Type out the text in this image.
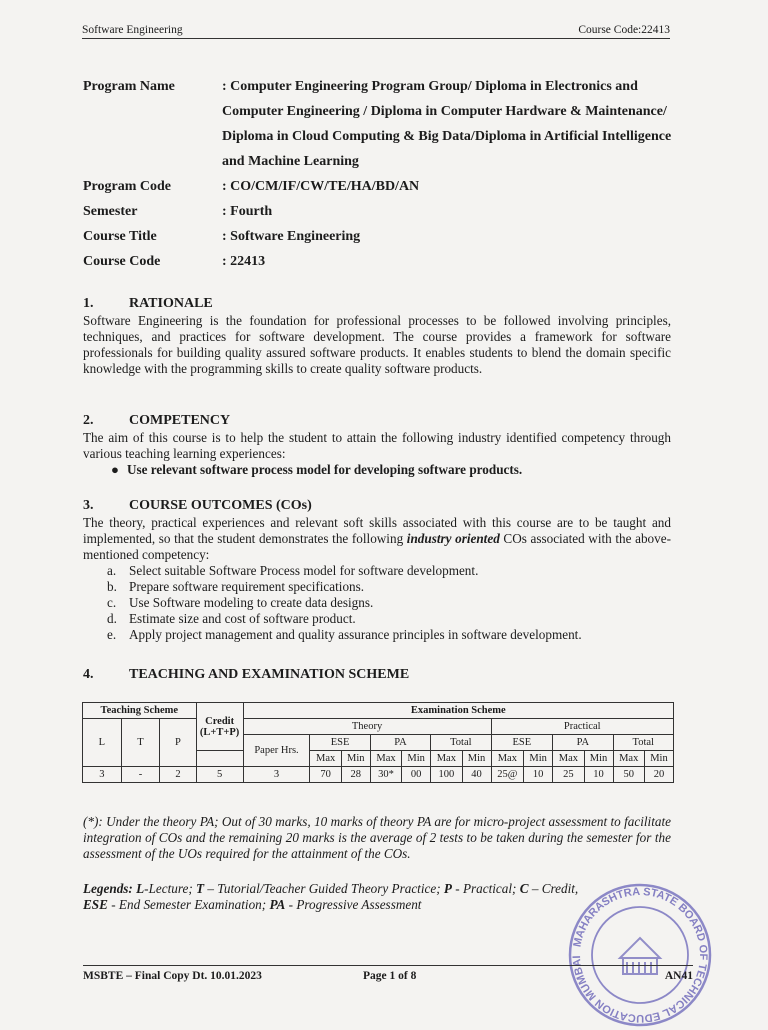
Software Engineering	Course Code:22413
Program Name	: Computer Engineering Program Group/ Diploma in Electronics and Computer Engineering / Diploma in Computer Hardware & Maintenance/ Diploma in Cloud Computing & Big Data/Diploma in Artificial Intelligence and Machine Learning
Program Code	: CO/CM/IF/CW/TE/HA/BD/AN
Semester	: Fourth
Course Title	: Software Engineering
Course Code	: 22413
1.	RATIONALE

Software Engineering is the foundation for professional processes to be followed involving principles, techniques, and practices for software development. The course provides a framework for software professionals for building quality assured software products. It enables students to blend the domain specific knowledge with the programming skills to create quality software products.

2.	COMPETENCY

The aim of this course is to help the student to attain the following industry identified competency through various teaching learning experiences:

● Use relevant software process model for developing software products.
3.	COURSE OUTCOMES (COs)

The theory, practical experiences and relevant soft skills associated with this course are to be taught and implemented, so that the student demonstrates the following industry oriented COs associated with the above-mentioned competency:

a. Select suitable Software Process model for software development.
b. Prepare software requirement specifications.
c. Use Software modeling to create data designs.
d. Estimate size and cost of software product.
e. Apply project management and quality assurance principles in software development.
4.	TEACHING AND EXAMINATION SCHEME
Teaching Scheme			Credit (L+T+P)	Examination Scheme												
L	T	P		Theory							Practical					
				Paper Hrs.	ESE		PA		Total		ESE		PA		Total	
					Max	Min	Max	Min	Max	Min	Max	Min	Max	Min	Max	Min
3	-	2	5	3	70	28	30*	00	100	40	25@	10	25	10	50	20
(*): Under the theory PA; Out of 30 marks, 10 marks of theory PA are for micro-project assessment to facilitate integration of COs and the remaining 20 marks is the average of 2 tests to be taken during the semester for the assessment of the UOs required for the attainment of the COs.
Legends: L-Lecture; T – Tutorial/Teacher Guided Theory Practice; P - Practical; C – Credit,
ESE - End Semester Examination; PA - Progressive Assessment
MAHARASHTRA STATE BOARD OF TECHNICAL EDUCATION MUMBAI
MSBTE – Final Copy Dt. 10.01.2023	Page 1 of 8	AN41
